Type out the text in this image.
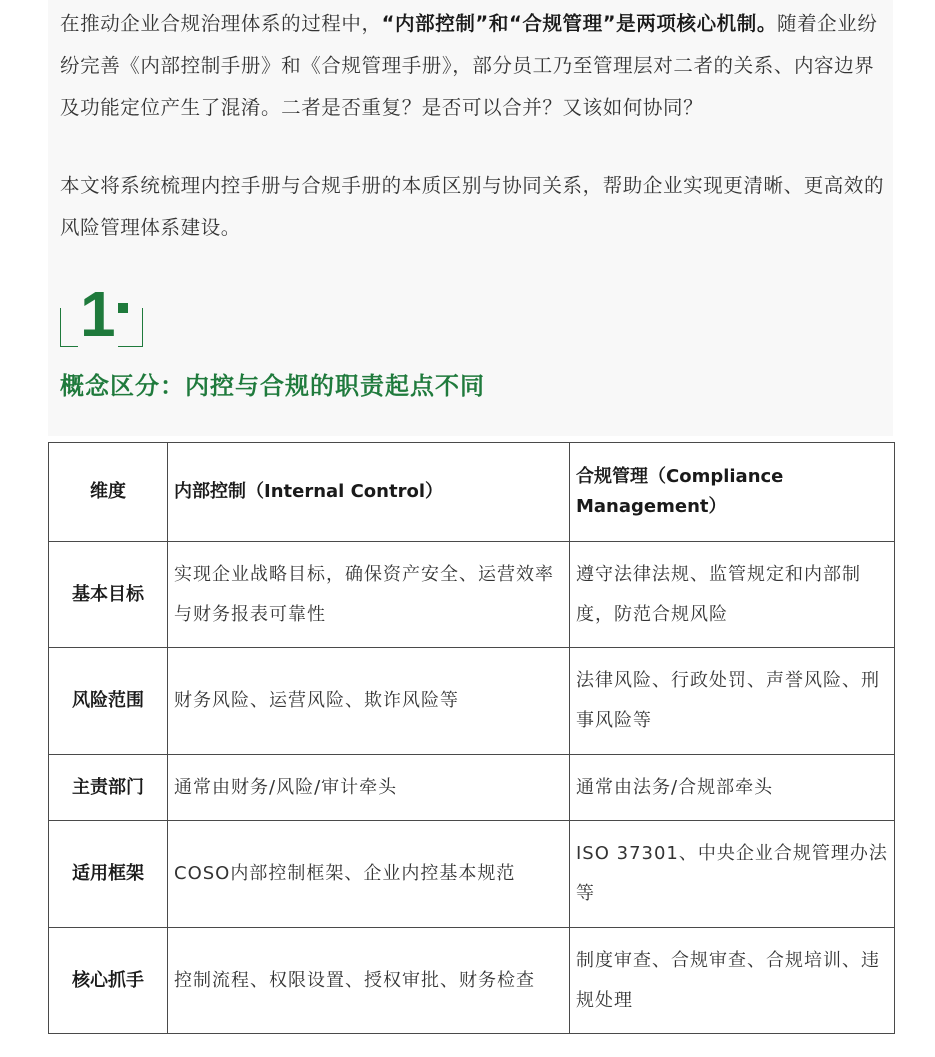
在推动企业合规治理体系的过程中，“内部控制”和“合规管理”是两项核心机制。随着企业纷纷完善《内部控制手册》和《合规管理手册》，部分员工乃至管理层对二者的关系、内容边界及功能定位产生了混淆。二者是否重复？是否可以合并？又该如何协同？

本文将系统梳理内控手册与合规手册的本质区别与协同关系，帮助企业实现更清晰、更高效的风险管理体系建设。

1
概念区分：内控与合规的职责起点不同
维度	内部控制（Internal Control）	合规管理（Compliance Management）
基本目标	实现企业战略目标，确保资产安全、运营效率与财务报表可靠性	遵守法律法规、监管规定和内部制度，防范合规风险
风险范围	财务风险、运营风险、欺诈风险等	法律风险、行政处罚、声誉风险、刑事风险等
主责部门	通常由财务/风险/审计牵头	通常由法务/合规部牵头
适用框架	COSO内部控制框架、企业内控基本规范	ISO 37301、中央企业合规管理办法等
核心抓手	控制流程、权限设置、授权审批、财务检查	制度审查、合规审查、合规培训、违规处理
